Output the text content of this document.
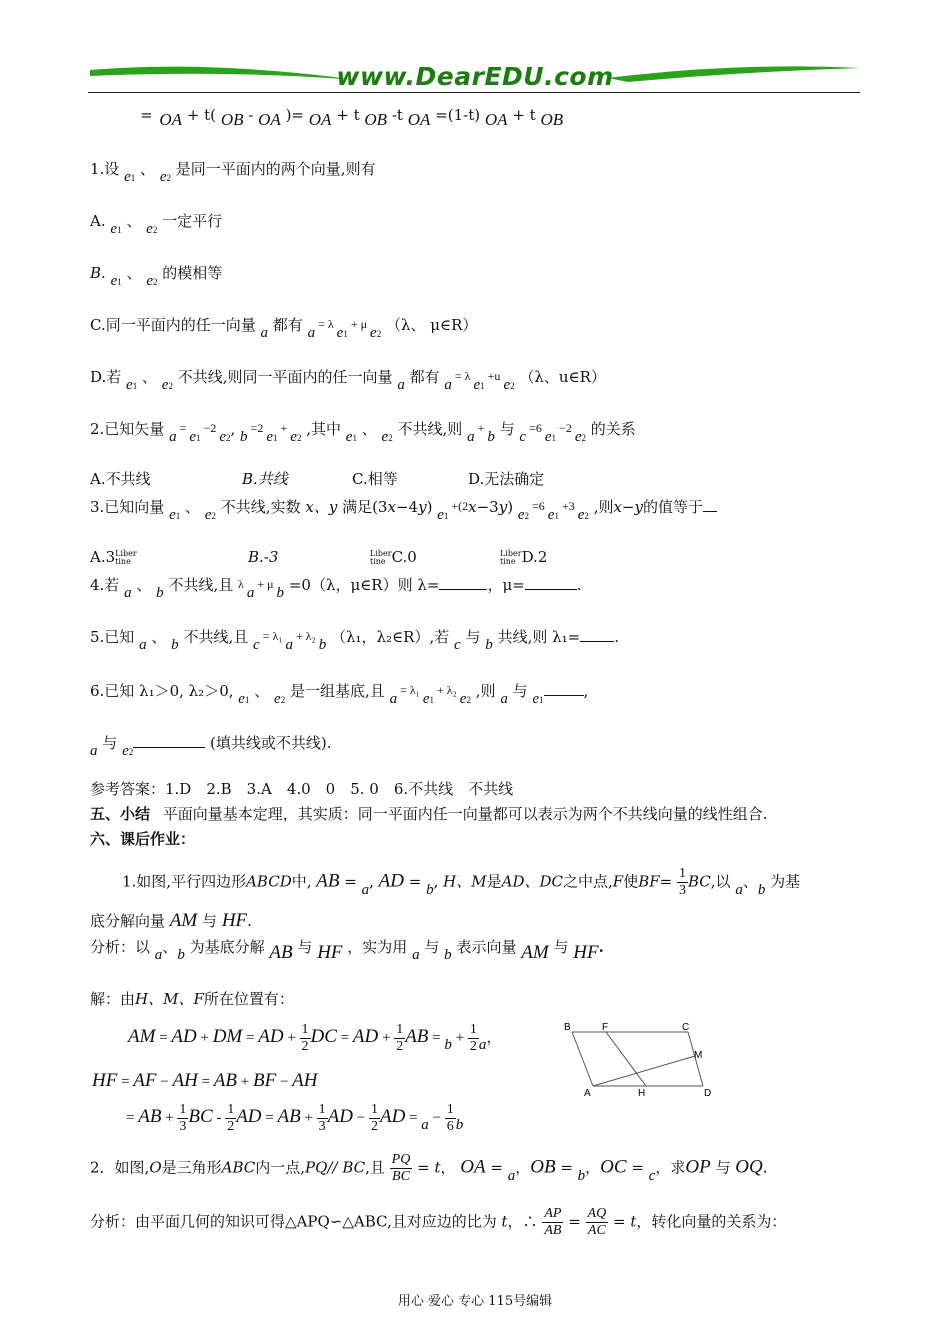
www.DearEDU.com
= OA + t( OB - OA )= OA + t OB -t OA =(1-t) OA + t OB
1.设 e1 、 e2 是同一平面内的两个向量,则有
A. e1 、 e2 一定平行
B. e1 、 e2 的模相等
C.同一平面内的任一向量 a 都有 a = λ e1 + μ e2 （λ、 μ∈R）
D.若 e1 、 e2 不共线,则同一平面内的任一向量 a 都有 a = λ e1 +u e2 （λ、u∈R）
2.已知矢量 a = e1 −2 e2, b =2 e1 + e2 ,其中 e1 、 e2 不共线,则 a + b 与 c =6 e1 −2 e2 的关系
A.不共线	B.共线	C.相等	D.无法确定
3.已知向量 e1 、 e2 不共线,实数 x、y 满足(3x−4y) e1 +(2x−3y) e2 =6 e1 +3 e2 ,则x−y的值等于
A.3Liber
tine	B.-3	Liber
tine C.0	Liber
tine D.2
4.若 a 、 b 不共线,且 λ a + μ b =0（λ，μ∈R）则 λ=	，μ=	.
5.已知 a 、 b 不共线,且 c = λ₁ a + λ₂ b （λ₁，λ₂∈R）,若 c 与 b 共线,则 λ₁= .
6.已知 λ₁＞0, λ₂＞0, e1 、 e2 是一组基底,且 a = λ₁ e1 + λ₂ e2 ,则 a 与 e1	,
a 与 e2	(填共线或不共线).
参考答案：1.D　2.B　3.A　4.0　0　5. 0　6.不共线　不共线
五、小结 平面向量基本定理，其实质：同一平面内任一向量都可以表示为两个不共线向量的线性组合.
六、课后作业：
1.如图,平行四边形ABCD中, AB = a, AD = b, H、M是AD、DC之中点,F使$BF= \frac{1}{3}$ BC,以 a、b 为基
底分解向量 AM 与 HF.
分析：以 a、b 为基底分解 AB 与 HF ，实为用 a 与 b 表示向量 AM 与 HF.
解：由H、M、F所在位置有：
AM = AD + DM = AD + $\frac{1}{2}$ DC = AD + $\frac{1}{2}$ AB = $b + \frac{1}{2}$ a，
HF = AF − AH = AB + BF − AH
= AB + $\frac{1}{3}$ BC - $\frac{1}{2}$ AD = AB + $\frac{1}{3}$ AD − $\frac{1}{2}$ AD = $a - \frac{1}{6}$ b
B	F	C
M
A	H	D
2．如图,O是三角形ABC内一点,PQ// BC,且 $\frac{PQ}{BC} = t$， OA = a，OB = b，OC = c，求OP 与 OQ.
分析：由平面几何的知识可得△APQ∽△ABC,且对应边的比为 t，∴ $\frac{AP}{AB} = \frac{AQ}{AC} = t$，转化向量的关系为：
用心 爱心 专心 115号编辑
